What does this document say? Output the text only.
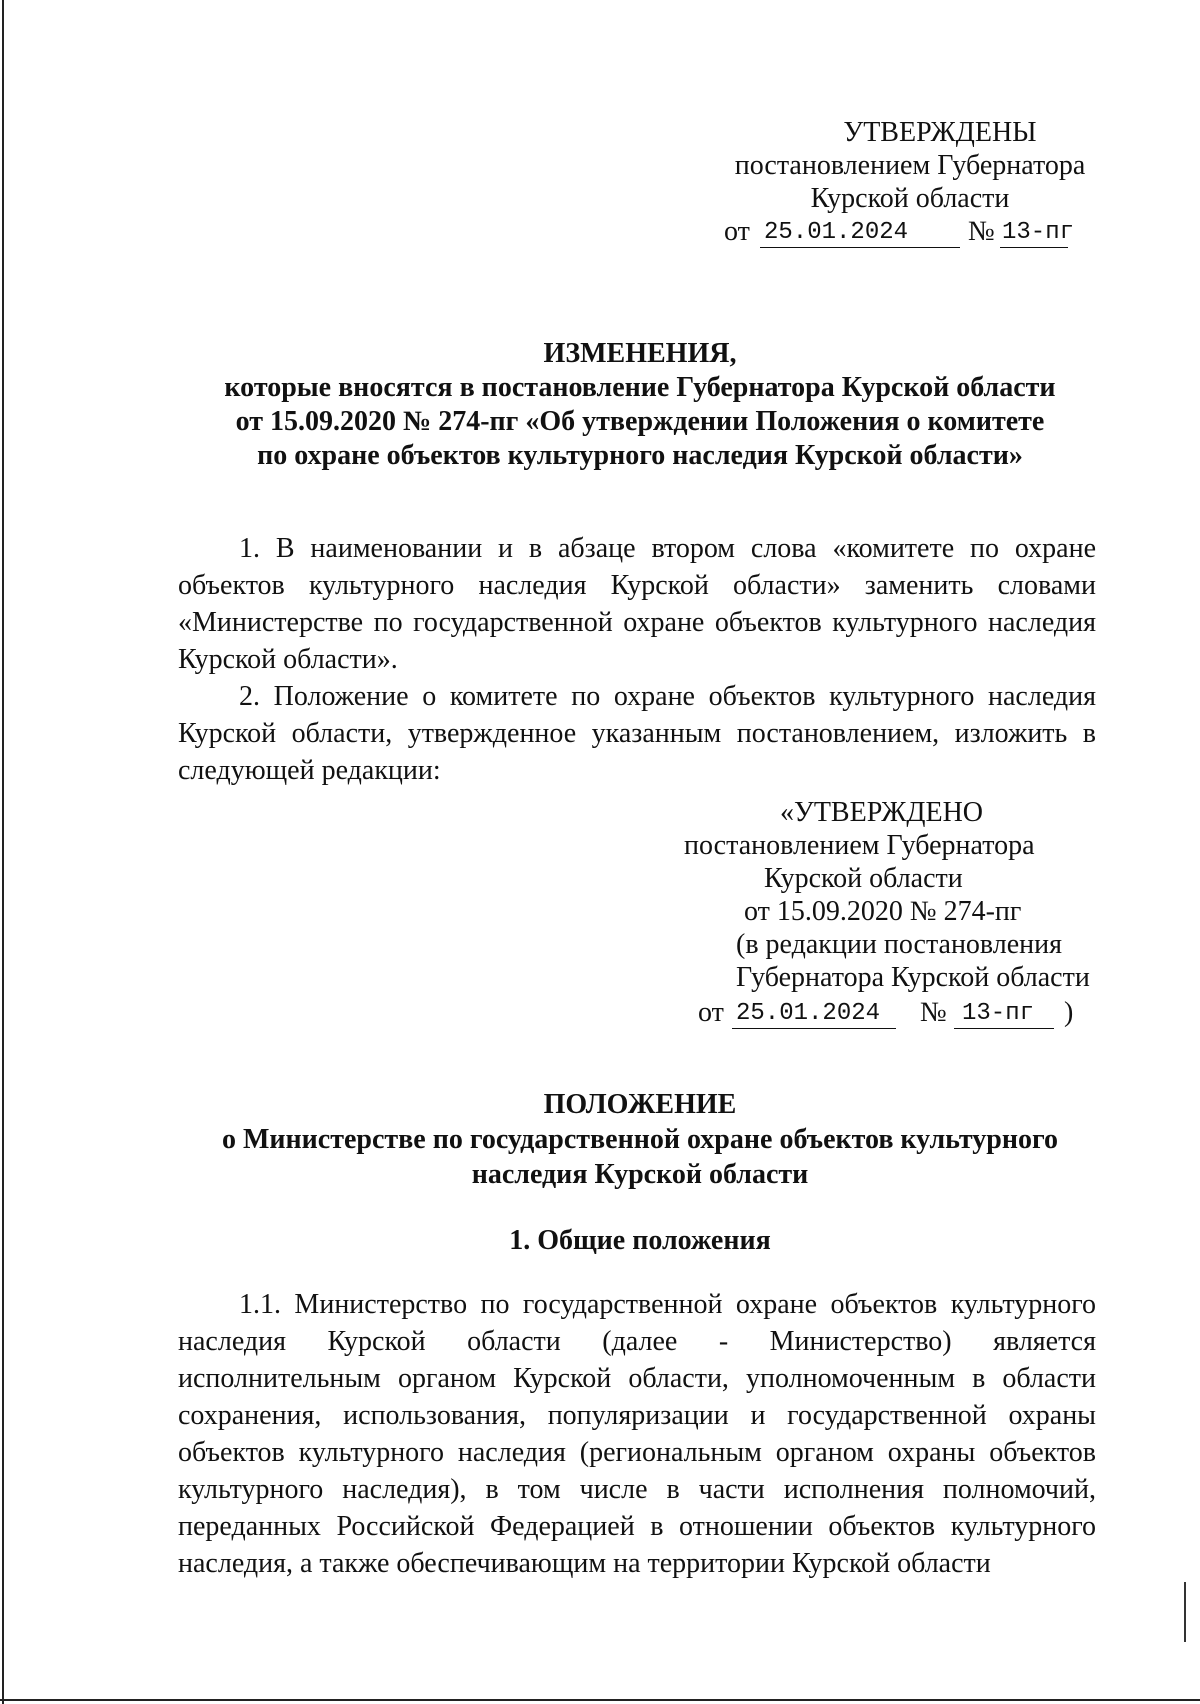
УТВЕРЖДЕНЫ
постановлением Губернатора
Курской области
от 25.01.2024 № 13-пг
ИЗМЕНЕНИЯ,
которые вносятся в постановление Губернатора Курской области
от 15.09.2020 № 274-пг «Об утверждении Положения о комитете
по охране объектов культурного наследия Курской области»

1. В наименовании и в абзаце втором слова «комитете по охране объектов культурного наследия Курской области» заменить словами «Министерстве по государственной охране объектов культурного наследия Курской области».

2. Положение о комитете по охране объектов культурного наследия Курской области, утвержденное указанным постановлением, изложить в следующей редакции:

«УТВЕРЖДЕНО
постановлением Губернатора
Курской области
от 15.09.2020 № 274-пг
(в редакции постановления
Губернатора Курской области
от 25.01.2024 № 13-пг )
ПОЛОЖЕНИЕ
о Министерстве по государственной охране объектов культурного
наследия Курской области
1. Общие положения

1.1. Министерство по государственной охране объектов культурного наследия Курской области (далее - Министерство) является исполнительным органом Курской области, уполномоченным в области сохранения, использования, популяризации и государственной охраны объектов культурного наследия (региональным органом охраны объектов культурного наследия), в том числе в части исполнения полномочий, переданных Российской Федерацией в отношении объектов культурного наследия, а также обеспечивающим на территории Курской области
